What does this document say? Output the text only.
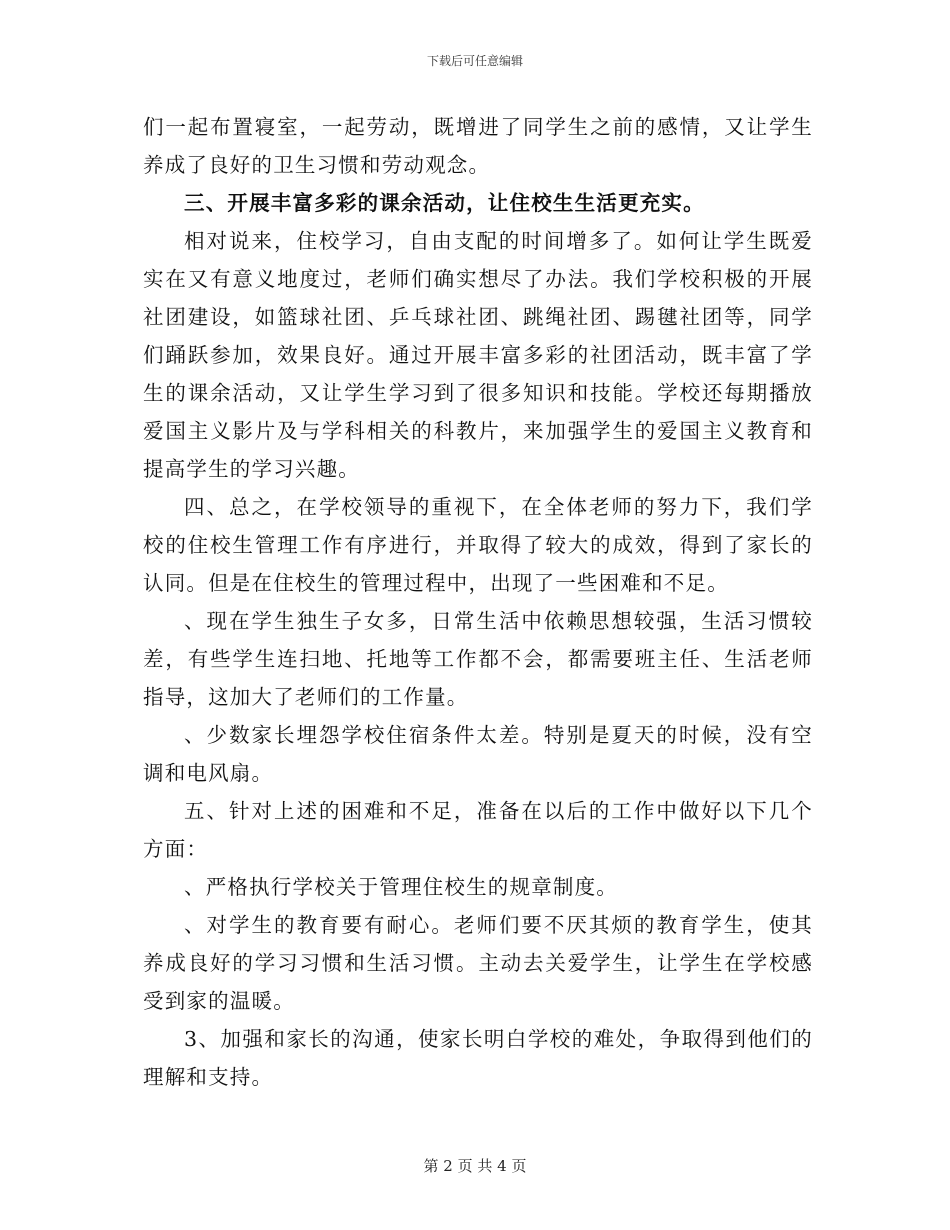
下载后可任意编辑

们一起布置寝室，一起劳动，既增进了同学生之前的感情，又让学生养成了良好的卫生习惯和劳动观念。

三、开展丰富多彩的课余活动，让住校生生活更充实。

相对说来，住校学习，自由支配的时间增多了。如何让学生既爱实在又有意义地度过，老师们确实想尽了办法。我们学校积极的开展社团建设，如篮球社团、乒乓球社团、跳绳社团、踢毽社团等，同学们踊跃参加，效果良好。通过开展丰富多彩的社团活动，既丰富了学生的课余活动，又让学生学习到了很多知识和技能。学校还每期播放爱国主义影片及与学科相关的科教片，来加强学生的爱国主义教育和提高学生的学习兴趣。

四、总之，在学校领导的重视下，在全体老师的努力下，我们学校的住校生管理工作有序进行，并取得了较大的成效，得到了家长的认同。但是在住校生的管理过程中，出现了一些困难和不足。

、现在学生独生子女多，日常生活中依赖思想较强，生活习惯较差，有些学生连扫地、托地等工作都不会，都需要班主任、生活老师指导，这加大了老师们的工作量。

、少数家长埋怨学校住宿条件太差。特别是夏天的时候，没有空调和电风扇。

五、针对上述的困难和不足，准备在以后的工作中做好以下几个方面：

、严格执行学校关于管理住校生的规章制度。

、对学生的教育要有耐心。老师们要不厌其烦的教育学生，使其养成良好的学习习惯和生活习惯。主动去关爱学生，让学生在学校感受到家的温暖。

3、加强和家长的沟通，使家长明白学校的难处，争取得到他们的理解和支持。

第 2 页 共 4 页
